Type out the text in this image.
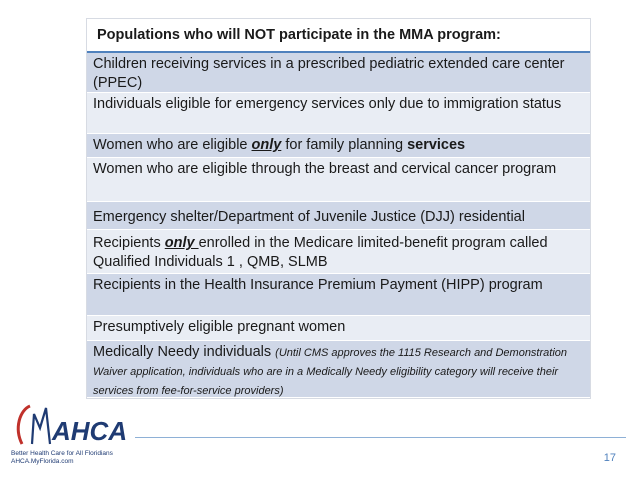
Populations who will NOT participate in the MMA program:
Children receiving services in a prescribed pediatric extended care center (PPEC)
Individuals eligible for emergency services only due to immigration status
Women who are eligible only for family planning services
Women who are eligible through the breast and cervical cancer program
Emergency shelter/Department of Juvenile Justice (DJJ) residential
Recipients only enrolled in the Medicare limited-benefit program called Qualified Individuals 1 , QMB, SLMB
Recipients in the Health Insurance Premium Payment (HIPP) program
Presumptively eligible pregnant women
Medically Needy individuals (Until CMS approves the 1115 Research and Demonstration Waiver application, individuals who are in a Medically Needy eligibility category will receive their services from fee-for-service providers)
AHCA
Better Health Care for All Floridians
AHCA.MyFlorida.com	17
